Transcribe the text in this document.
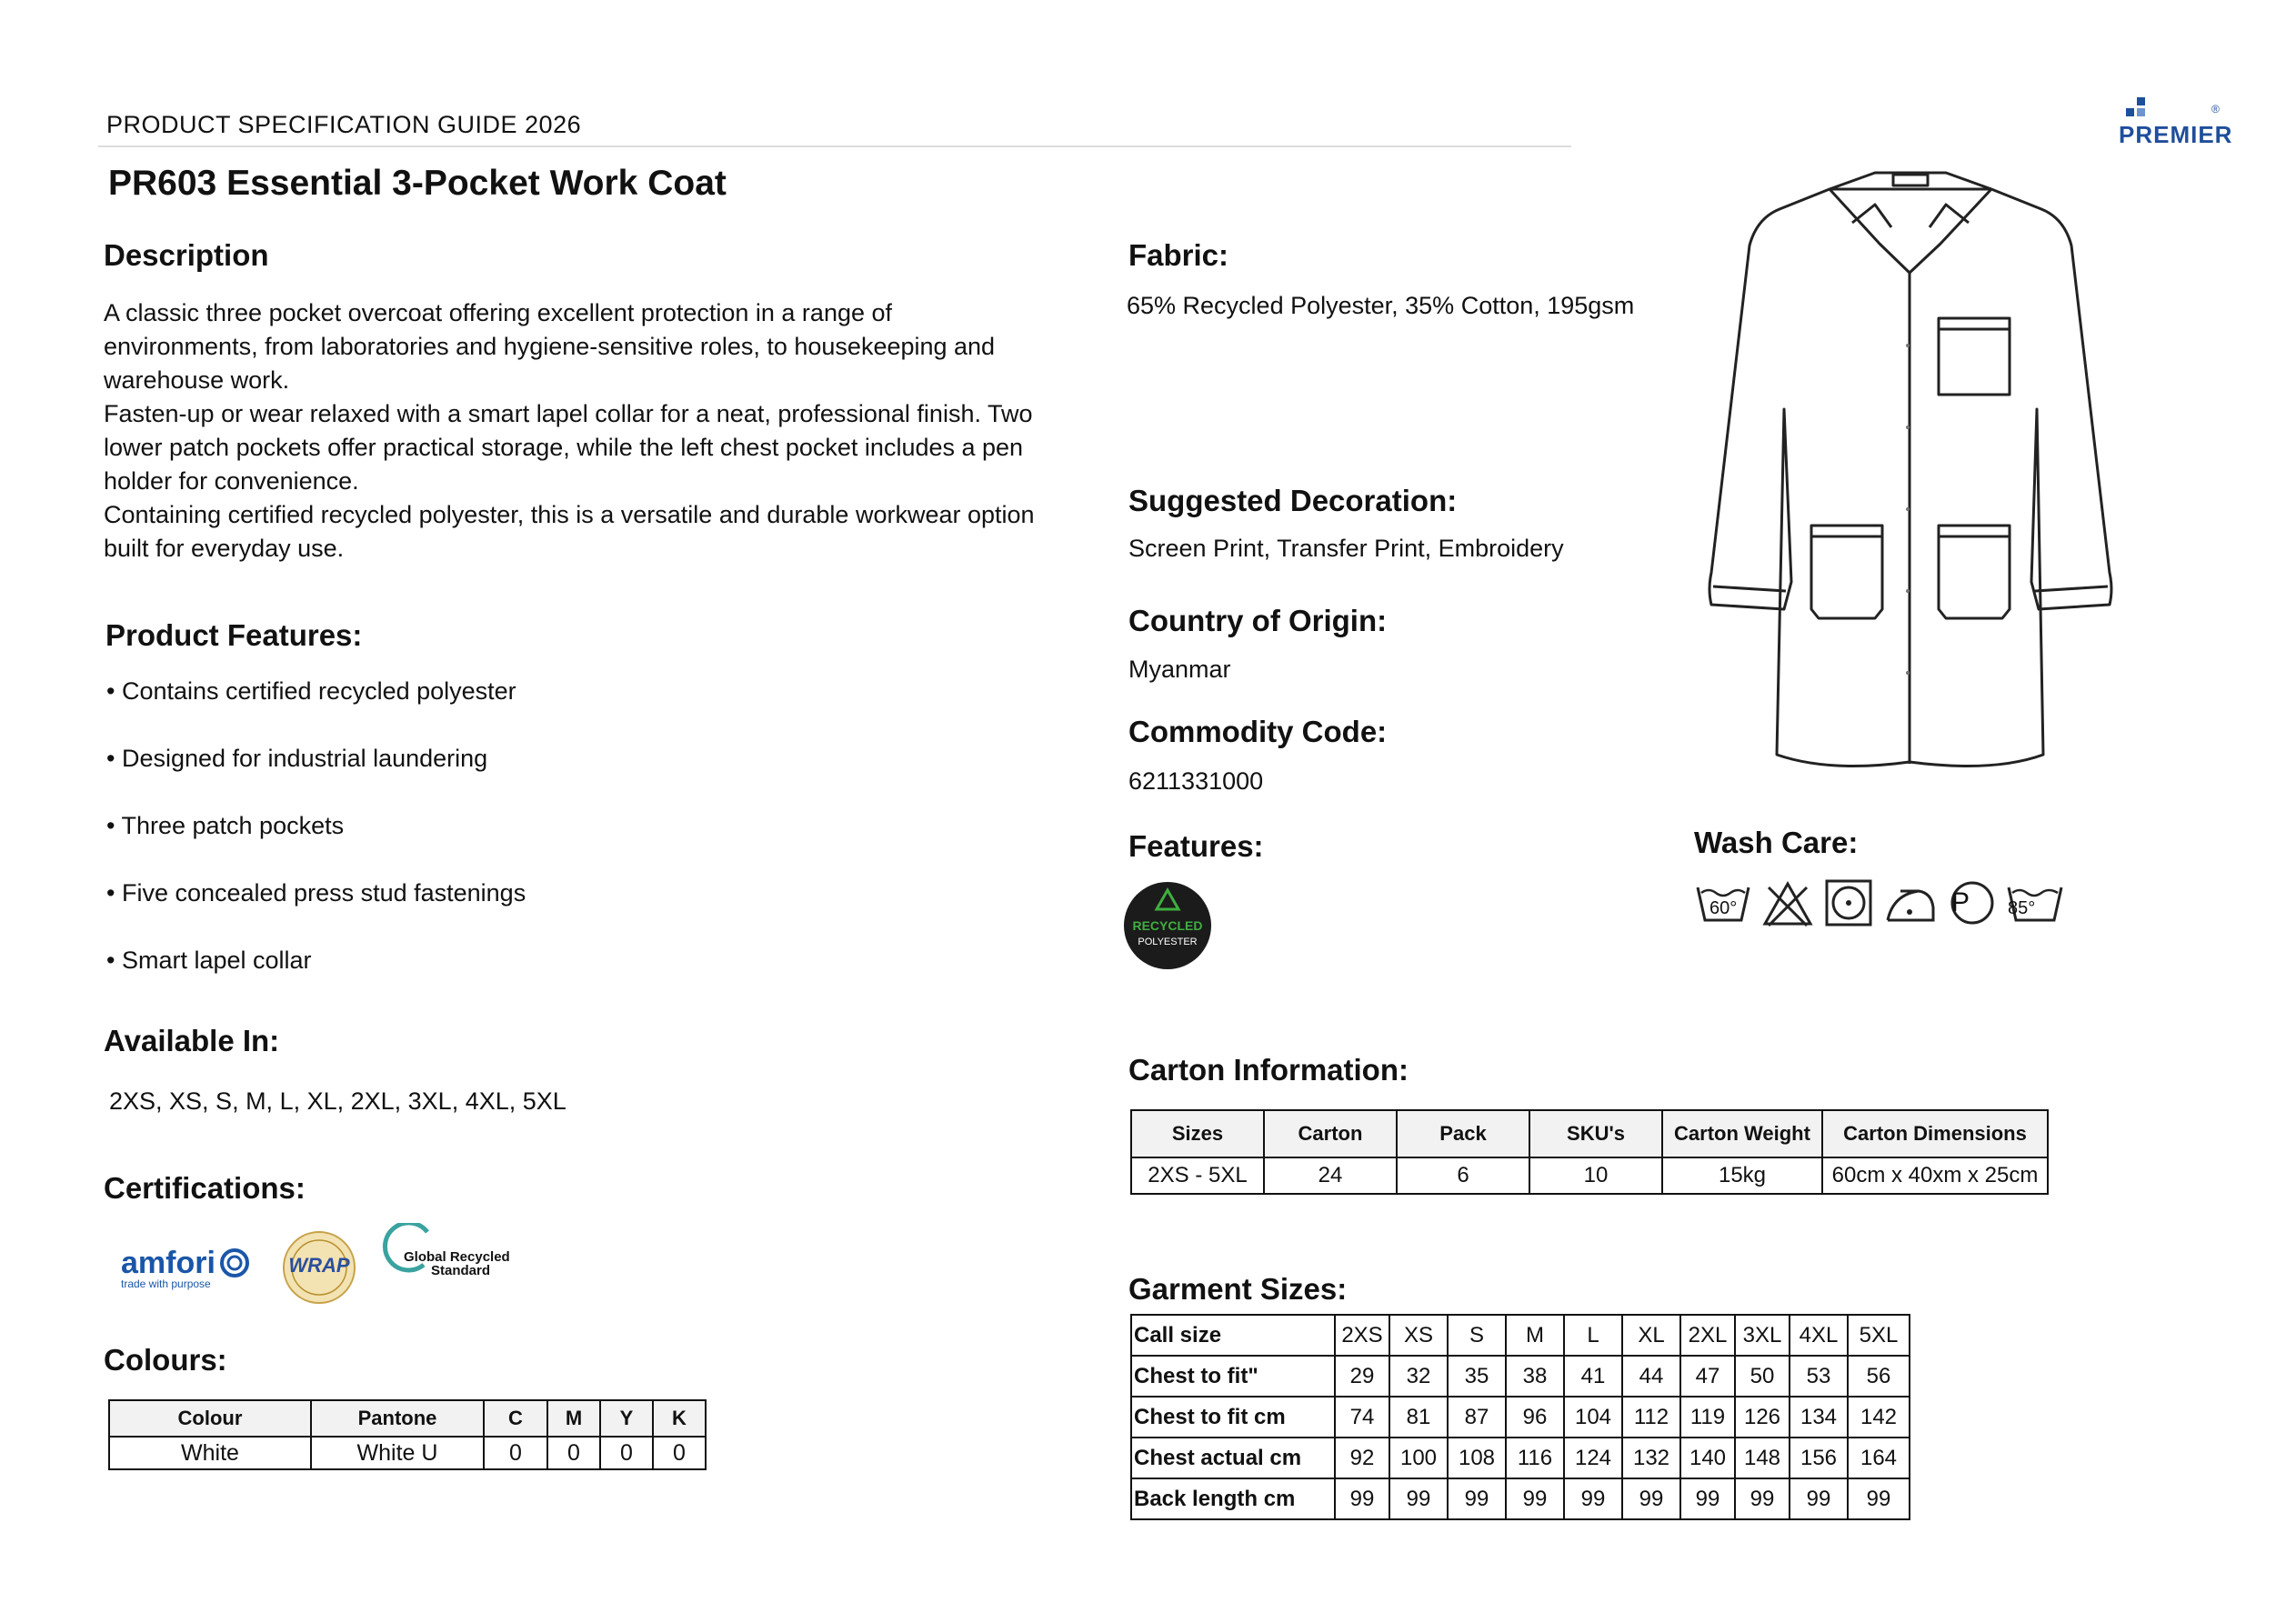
PRODUCT SPECIFICATION GUIDE 2026	PREMIER
®
PR603 Essential 3-Pocket Work Coat
Description
A classic three pocket overcoat offering excellent protection in a range of
environments, from laboratories and hygiene-sensitive roles, to housekeeping and
warehouse work.
Fasten-up or wear relaxed with a smart lapel collar for a neat, professional finish. Two
lower patch pockets offer practical storage, while the left chest pocket includes a pen
holder for convenience.
Containing certified recycled polyester, this is a versatile and durable workwear option
built for everyday use.
Product Features:
• Contains certified recycled polyester
• Designed for industrial laundering
• Three patch pockets
• Five concealed press stud fastenings
• Smart lapel collar
Available In:
2XS, XS, S, M, L, XL, 2XL, 3XL, 4XL, 5XL
Certifications:
amfori
trade with purpose
WRAP	Global Recycled
Standard
Colours:
Colour	Pantone	C	M	Y	K
White	White U	0	0	0	0
Fabric:
65% Recycled Polyester, 35% Cotton, 195gsm
Suggested Decoration:
Screen Print, Transfer Print, Embroidery
Country of Origin:
Myanmar
Commodity Code:
6211331000
Features:
RECYCLED
POLYESTER
Carton Information:
Sizes	Carton	Pack	SKU's	Carton Weight	Carton Dimensions
2XS - 5XL	24	6	10	15kg	60cm x 40xm x 25cm
Garment Sizes:
Call size	2XS	XS	S	M	L	XL	2XL	3XL	4XL	5XL
Chest to fit"	29	32	35	38	41	44	47	50	53	56
Chest to fit cm	74	81	87	96	104	112	119	126	134	142
Chest actual cm	92	100	108	116	124	132	140	148	156	164
Back length cm	99	99	99	99	99	99	99	99	99	99
Wash Care:

60°	P 85°
